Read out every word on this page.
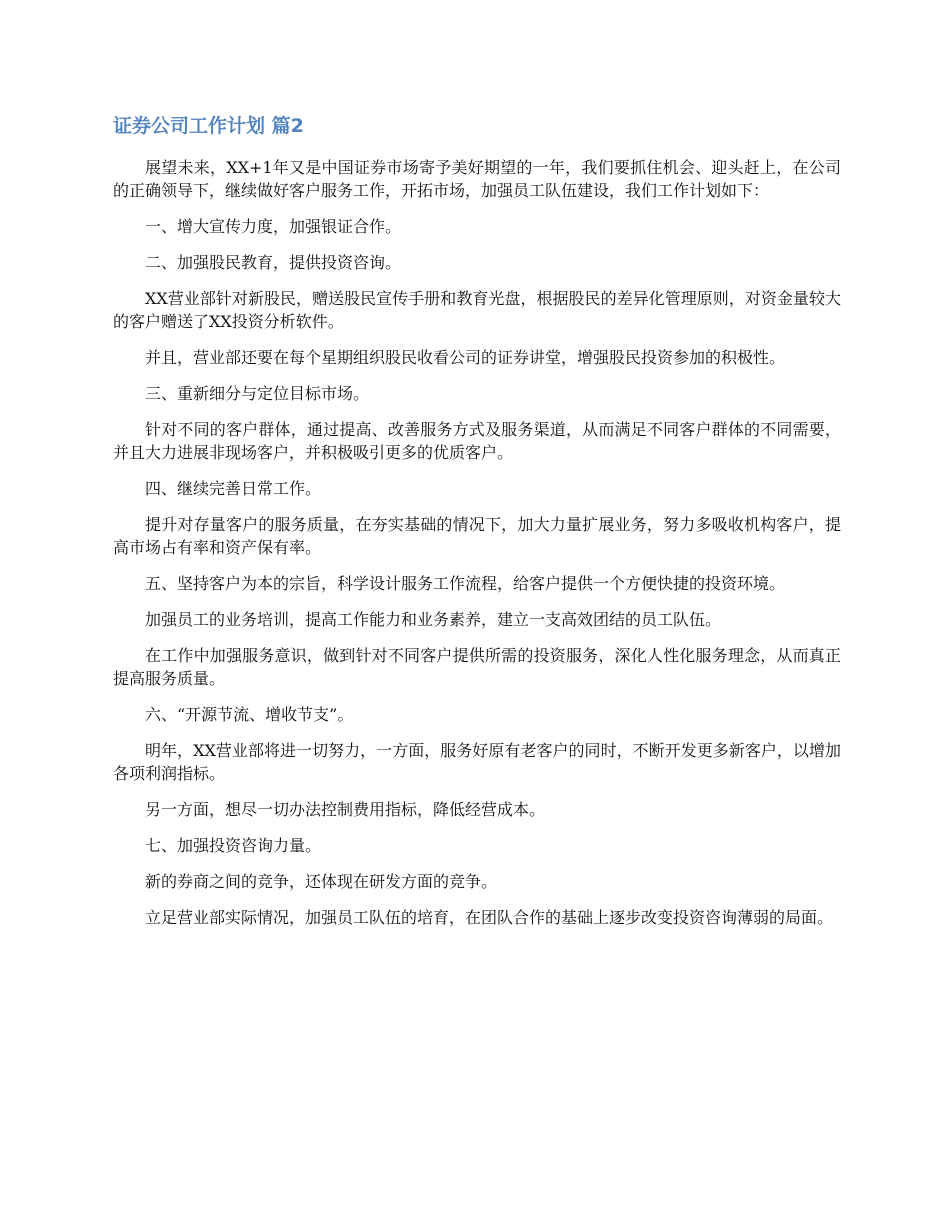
证券公司工作计划 篇2

展望未来，XX+1年又是中国证券市场寄予美好期望的一年，我们要抓住机会、迎头赶上，在公司的正确领导下，继续做好客户服务工作，开拓市场，加强员工队伍建设，我们工作计划如下：

一、增大宣传力度，加强银证合作。

二、加强股民教育，提供投资咨询。

XX营业部针对新股民，赠送股民宣传手册和教育光盘，根据股民的差异化管理原则，对资金量较大的客户赠送了XX投资分析软件。

并且，营业部还要在每个星期组织股民收看公司的证券讲堂，增强股民投资参加的积极性。

三、重新细分与定位目标市场。

针对不同的客户群体，通过提高、改善服务方式及服务渠道，从而满足不同客户群体的不同需要，并且大力进展非现场客户，并积极吸引更多的优质客户。

四、继续完善日常工作。

提升对存量客户的服务质量，在夯实基础的情况下，加大力量扩展业务，努力多吸收机构客户，提高市场占有率和资产保有率。

五、坚持客户为本的宗旨，科学设计服务工作流程，给客户提供一个方便快捷的投资环境。

加强员工的业务培训，提高工作能力和业务素养，建立一支高效团结的员工队伍。

在工作中加强服务意识，做到针对不同客户提供所需的投资服务，深化人性化服务理念，从而真正提高服务质量。

六、“开源节流、增收节支”。

明年，XX营业部将进一切努力，一方面，服务好原有老客户的同时，不断开发更多新客户，以增加各项利润指标。

另一方面，想尽一切办法控制费用指标，降低经营成本。

七、加强投资咨询力量。

新的券商之间的竞争，还体现在研发方面的竞争。

立足营业部实际情况，加强员工队伍的培育，在团队合作的基础上逐步改变投资咨询薄弱的局面。
